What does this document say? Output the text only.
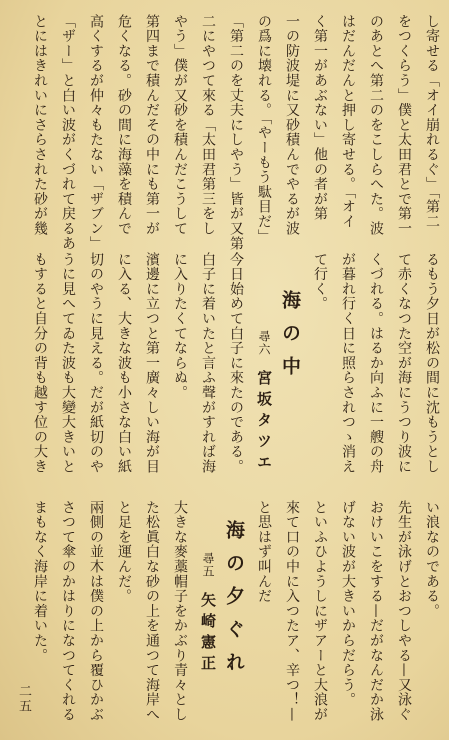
し寄せる「オイ崩れるぐ」「第二
をつくらう」僕と太田君とで第一
のあとへ第二のをこしらへた。波
はだんだんと押し寄せる。「オイ
く第一があぶない」他の者が第
一の防波堤に又砂積んでやるが波
の爲に壊れる。「やーもう駄目だ」
「第二のを丈夫にしやう」皆が又第
二にやつて來る「太田君第三をし
やう」僕が又砂を積んだこうして
第四まで積んだその中にも第一が
危くなる。砂の間に海藻を積んで
高くするが仲々もたない「ザブン」
「ザー」と白い波がくづれて戻るあ
とにはきれいにさらされた砂が幾
るもう夕日が松の間に沈もうとし
て赤くなつた空が海にうつり波に
くづれる。はるか向ふに一艘の舟
が暮れ行く日に照らされつゝ消え
て行く。
海の中
尋六宮坂タツエ
今日始めて白子に來たのである。
白子に着いたと言ふ聲がすれば海
に入りたくてならぬ。
濱邊に立つと第一廣々しい海が目
に入る、大きな波も小さな白い紙
切のやうに見える。だが紙切のや
うに見へてゐた波も大變大きいと
もすると自分の背も越す位の大き
い浪なのである。
先生が泳げとおつしやる—又泳ぐ
おけいこをする—だがなんだか泳
げない波が大きいからだらう。
といふひようしにザアーと大浪が
來て口の中に入つたア、辛つ！—
と思はず叫んだ
海の夕ぐれ
尋五矢崎憲正
大きな麥藁帽子をかぶり青々とし
た松眞白な砂の上を通つて海岸へ
と足を運んだ。
兩側の並木は僕の上から覆ひかぶ
さつて傘のかはりになつてくれる
まもなく海岸に着いた。
二五
